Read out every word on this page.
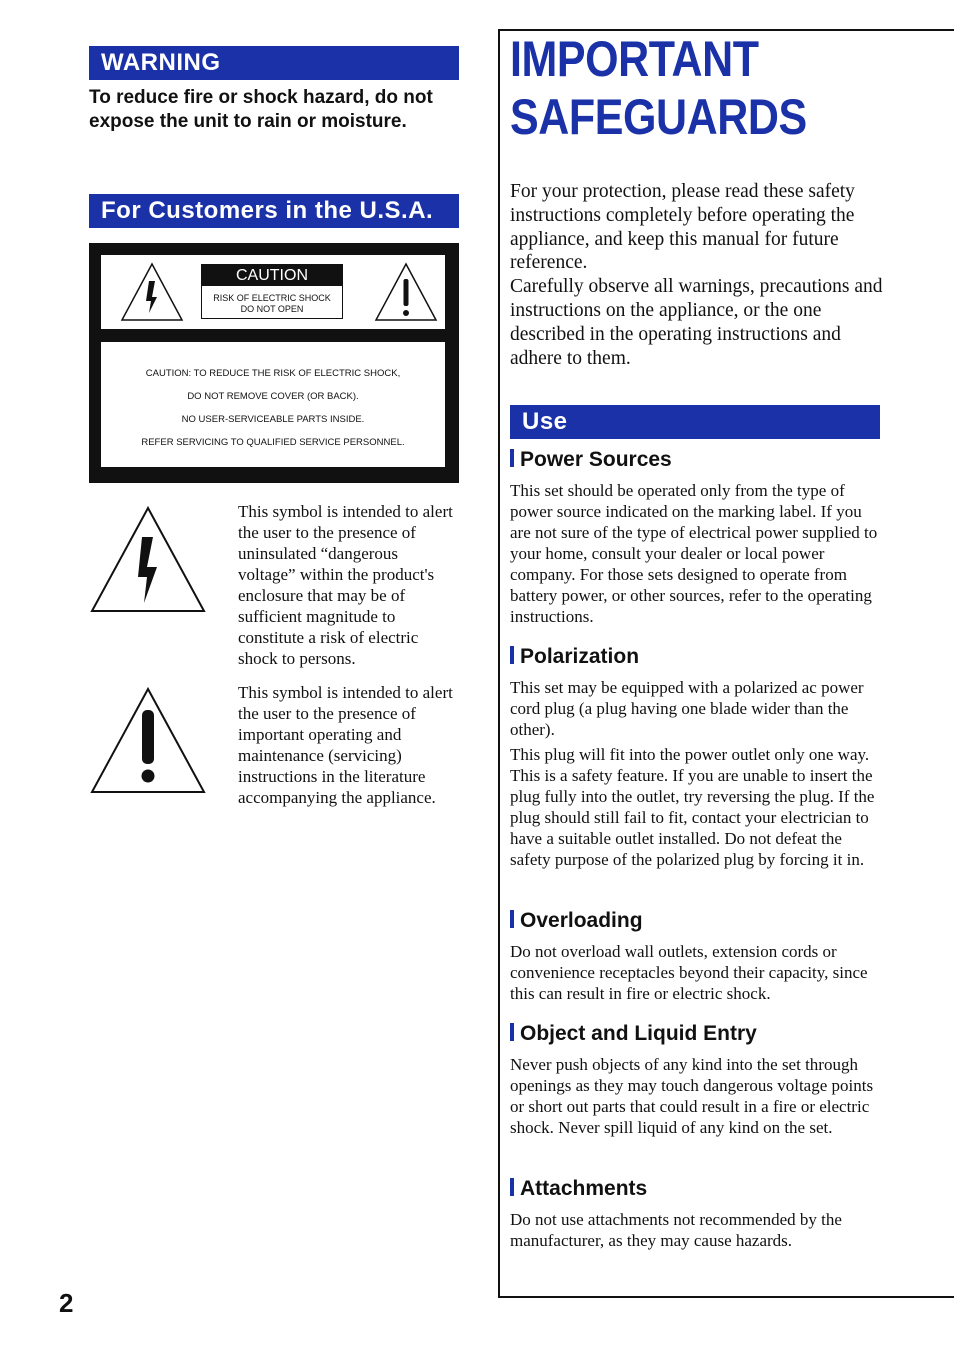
WARNING
To reduce fire or shock hazard, do not expose the unit to rain or moisture.
For Customers in the U.S.A.
CAUTION
RISK OF ELECTRIC SHOCK
DO NOT OPEN
CAUTION: TO REDUCE THE RISK OF ELECTRIC SHOCK,
DO NOT REMOVE COVER (OR BACK).
NO USER-SERVICEABLE PARTS INSIDE.
REFER SERVICING TO QUALIFIED SERVICE PERSONNEL.
This symbol is intended to alert the user to the presence of uninsulated “dangerous voltage” within the product's enclosure that may be of sufficient magnitude to constitute a risk of electric shock to persons.
This symbol is intended to alert the user to the presence of important operating and maintenance (servicing) instructions in the literature accompanying the appliance.
IMPORTANT
SAFEGUARDS
For your protection, please read these safety instructions completely before operating the appliance, and keep this manual for future reference.
Carefully observe all warnings, precautions and instructions on the appliance, or the one described in the operating instructions and adhere to them.
Use
Power Sources
This set should be operated only from the type of power source indicated on the marking label. If you are not sure of the type of electrical power supplied to your home, consult your dealer or local power company. For those sets designed to operate from battery power, or other sources, refer to the operating instructions.
Polarization
This set may be equipped with a polarized ac power cord plug (a plug having one blade wider than the other).
This plug will fit into the power outlet only one way. This is a safety feature. If you are unable to insert the plug fully into the outlet, try reversing the plug. If the plug should still fail to fit, contact your electrician to have a suitable outlet installed. Do not defeat the safety purpose of the polarized plug by forcing it in.
Overloading
Do not overload wall outlets, extension cords or convenience receptacles beyond their capacity, since this can result in fire or electric shock.
Object and Liquid Entry
Never push objects of any kind into the set through openings as they may touch dangerous voltage points or short out parts that could result in a fire or electric shock. Never spill liquid of any kind on the set.
Attachments
Do not use attachments not recommended by the manufacturer, as they may cause hazards.
2
